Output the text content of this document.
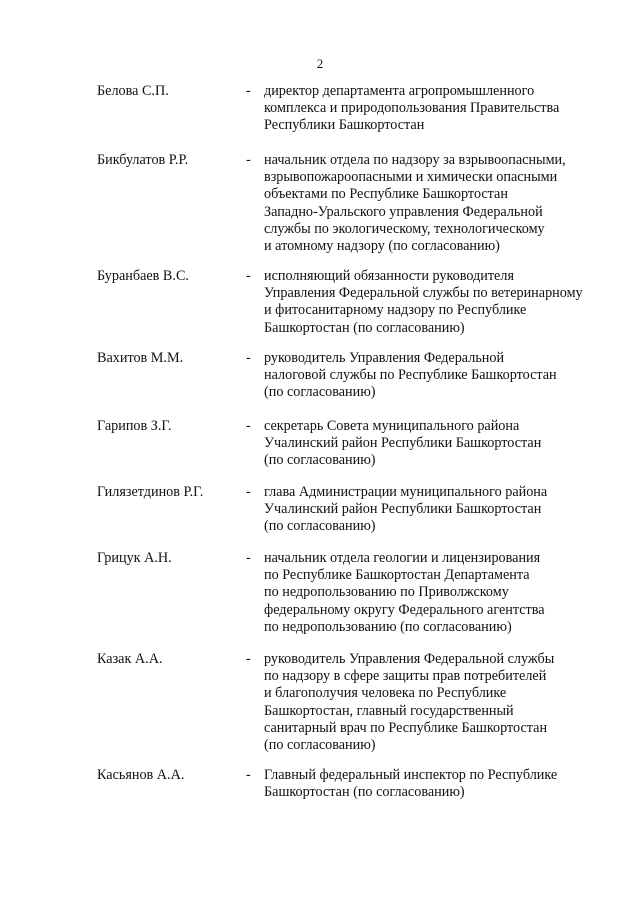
2
Белова С.П.	- директор департамента агропромышленного
комплекса и природопользования Правительства
Республики Башкортостан
Бикбулатов Р.Р.	- начальник отдела по надзору за взрывоопасными,
взрывопожароопасными и химически опасными
объектами по Республике Башкортостан
Западно-Уральского управления Федеральной
службы по экологическому, технологическому
и атомному надзору (по согласованию)
Буранбаев В.С.	- исполняющий обязанности руководителя
Управления Федеральной службы по ветеринарному
и фитосанитарному надзору по Республике
Башкортостан (по согласованию)
Вахитов М.М.	- руководитель Управления Федеральной
налоговой службы по Республике Башкортостан
(по согласованию)
Гарипов З.Г.	- секретарь Совета муниципального района
Учалинский район Республики Башкортостан
(по согласованию)
Гилязетдинов Р.Г.	- глава Администрации муниципального района
Учалинский район Республики Башкортостан
(по согласованию)
Грицук А.Н.	- начальник отдела геологии и лицензирования
по Республике Башкортостан Департамента
по недропользованию по Приволжскому
федеральному округу Федерального агентства
по недропользованию (по согласованию)
Казак А.А.	- руководитель Управления Федеральной службы
по надзору в сфере защиты прав потребителей
и благополучия человека по Республике
Башкортостан, главный государственный
санитарный врач по Республике Башкортостан
(по согласованию)
Касьянов А.А.	- Главный федеральный инспектор по Республике
Башкортостан (по согласованию)
